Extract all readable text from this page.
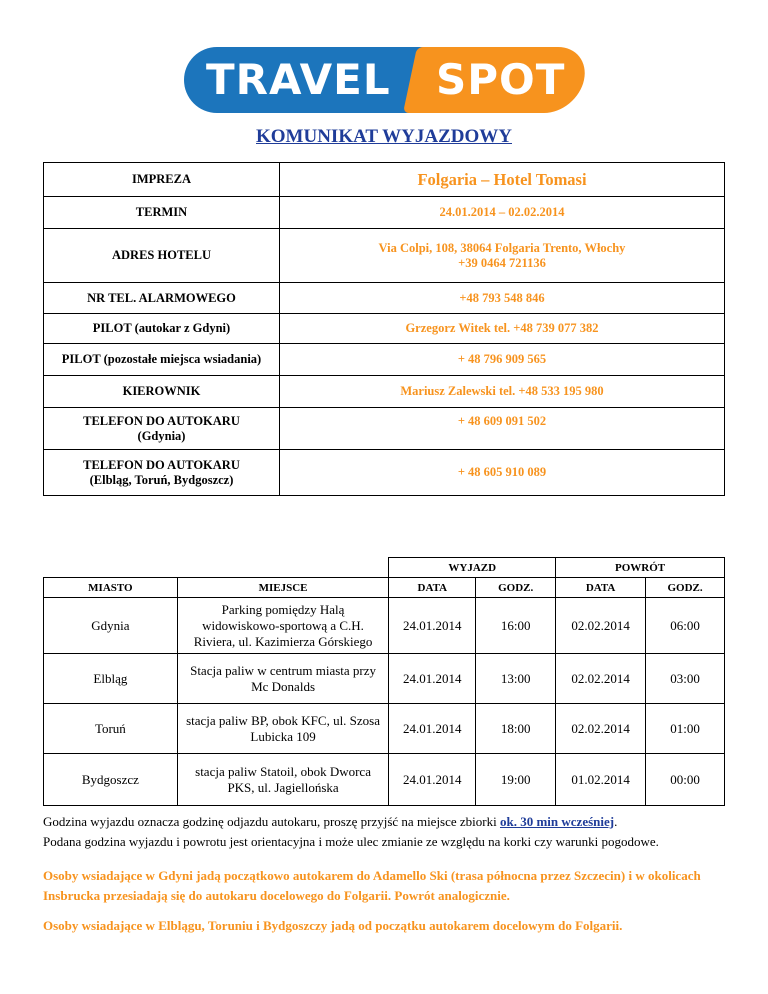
TRAVEL SPOT
KOMUNIKAT WYJAZDOWY
IMPREZA	Folgaria – Hotel Tomasi
TERMIN	24.01.2014 – 02.02.2014
ADRES HOTELU	Via Colpi, 108, 38064 Folgaria Trento, Włochy
+39 0464 721136

NR TEL. ALARMOWEGO	+48 793 548 846
PILOT (autokar z Gdyni)	Grzegorz Witek tel. +48 739 077 382
PILOT (pozostałe miejsca wsiadania)	+ 48 796 909 565
KIEROWNIK	Mariusz Zalewski tel. +48 533 195 980

TELEFON DO AUTOKARU
(Gdynia)	+ 48 609 091 502

TELEFON DO AUTOKARU
(Elbląg, Toruń, Bydgoszcz)	+ 48 605 910 089
		WYJAZD		POWRÓT	
MIASTO	MIEJSCE	DATA	GODZ.	DATA	GODZ.
Gdynia	Parking pomiędzy Halą widowiskowo-sportową a C.H. Riviera, ul. Kazimierza Górskiego	24.01.2014	16:00	02.02.2014	06:00
Elbląg	Stacja paliw w centrum miasta przy Mc Donalds	24.01.2014	13:00	02.02.2014	03:00
Toruń	stacja paliw BP, obok KFC, ul. Szosa Lubicka 109	24.01.2014	18:00	02.02.2014	01:00
Bydgoszcz	stacja paliw Statoil, obok Dworca PKS, ul. Jagiellońska	24.01.2014	19:00	01.02.2014	00:00
Godzina wyjazdu oznacza godzinę odjazdu autokaru, proszę przyjść na miejsce zbiorki ok. 30 min wcześniej.
Podana godzina wyjazdu i powrotu jest orientacyjna i może ulec zmianie ze względu na korki czy warunki pogodowe.
Osoby wsiadające w Gdyni jadą początkowo autokarem do Adamello Ski (trasa północna przez Szczecin) i w okolicach Insbrucka przesiadają się do autokaru docelowego do Folgarii. Powrót analogicznie.
Osoby wsiadające w Elblągu, Toruniu i Bydgoszczy jadą od początku autokarem docelowym do Folgarii.
